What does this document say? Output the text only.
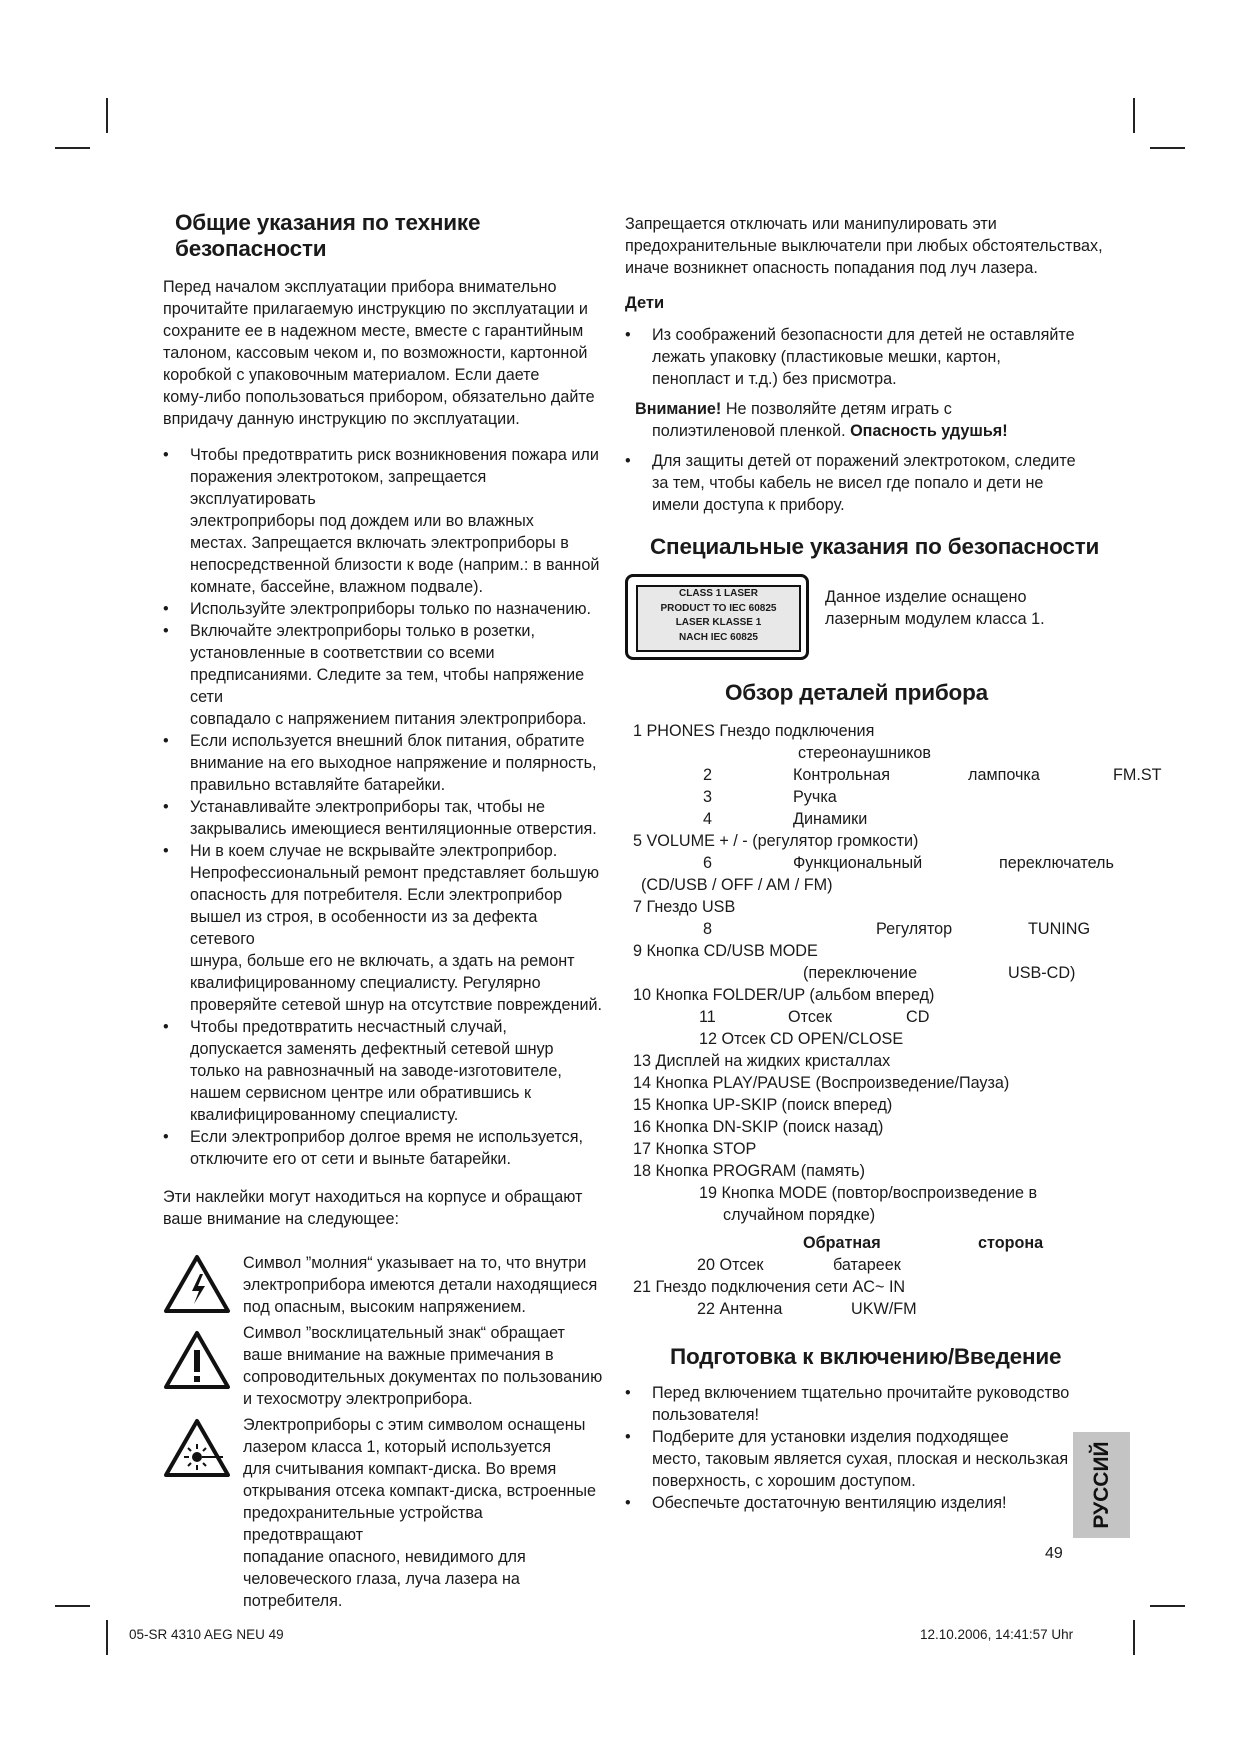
Общие указания по технике безопасности
Перед началом эксплуатации прибора внимательно
прочитайте прилагаемую инструкцию по эксплуатации и
сохраните ее в надежном месте, вместе с гарантийным
талоном, кассовым чеком и, по возможности, картонной
коробкой с упаковочным материалом. Если даете
кому-либо попользоваться прибором, обязательно дайте
впридачу данную инструкцию по эксплуатации.
• Чтобы предотвратить риск возникновения пожара или
поражения электротоком, запрещается эксплуатировать
электроприборы под дождем или во влажных
местах. Запрещается включать электроприборы в
непосредственной близости к воде (наприм.: в ванной
комнате, бассейне, влажном подвале).
• Используйте электроприборы только по назначению.
• Включайте электроприборы только в розетки,
установленные в соответствии со всеми
предписаниями. Следите за тем, чтобы напряжение сети
совпадало с напряжением питания электроприбора.
• Если используется внешний блок питания, обратите
внимание на его выходное напряжение и полярность,
правильно вставляйте батарейки.
• Устанавливайте электроприборы так, чтобы не
закрывались имеющиеся вентиляционные отверстия.
• Ни в коем случае не вскрывайте электроприбор.
Непрофессиональный ремонт представляет большую
опасность для потребителя. Если электроприбор
вышел из строя, в особенности из за дефекта сетевого
шнура, больше его не включать, а здать на ремонт
квалифицированному специалисту. Регулярно
проверяйте сетевой шнур на отсутствие повреждений.
• Чтобы предотвратить несчастный случай,
допускается заменять дефектный сетевой шнур
только на равнозначный на заводе-изготовителе,
нашем сервисном центре или обратившись к
квалифицированному специалисту.
• Если электроприбор долгое время не используется,
отключите его от сети и выньте батарейки.
Эти наклейки могут находиться на корпусе и обращают
ваше внимание на следующее:
Символ ”молния“ указывает на то, что внутри
электроприбора имеются детали находящиеся
под опасным, высоким напряжением.
Символ ”восклицательный знак“ обращает
ваше внимание на важные примечания в
сопроводительных документах по пользованию
и техосмотру электроприбора.
Электроприборы с этим символом оснащены
лазером класса 1, который используется
для считывания компакт-диска. Во время
открывания отсека компакт-диска, встроенные
предохранительные устройства предотвращают
попадание опасного, невидимого для
человеческого глаза, луча лазера на
потребителя.
Запрещается отключать или манипулировать эти
предохранительные выключатели при любых обстоятельствах,
иначе возникнет опасность попадания под луч лазера.
Дети
• Из соображений безопасности для детей не оставляйте
лежать упаковку (пластиковые мешки, картон,
пенопласт и т.д.) без присмотра.
Внимание! Не позволяйте детям играть с
полиэтиленовой пленкой. Опасность удушья!
• Для защиты детей от поражений электротоком, следите
за тем, чтобы кабель не висел где попало и дети не
имели доступа к прибору.
Специальные указания по безопасности
CLASS 1 LASER
PRODUCT TO IEC 60825
LASER KLASSE 1
NACH IEC 60825
Данное изделие оснащено
лазерным модулем класса 1.
Обзор деталей прибора
1 PHONES Гнездо подключения
стереонаушников
2	Контрольная	лампочка	FM.ST
3	Ручка
4	Динамики
5 VOLUME + / - (регулятор громкости)
6	Функциональный	переключатель
(CD/USB / OFF / AM / FM)
7 Гнездо USB
8	Регулятор	TUNING
9 Кнопка CD/USB MODE
(переключение	USB-CD)
10 Кнопка FOLDER/UP (альбом вперед)
11	Отсек	CD
12 Отсек CD OPEN/CLOSE
13 Дисплей на жидких кристаллах
14 Кнопка PLAY/PAUSE (Воспроизведение/Пауза)
15 Кнопка UP-SKIP (поиск вперед)
16 Кнопка DN-SKIP (поиск назад)
17 Кнопка STOP
18 Кнопка PROGRAM (память)
19 Кнопка MODE (повтор/воспроизведение в
случайном порядке)
Обратная	сторона
20 Отсек	батареек
21 Гнездо подключения сети AC~ IN
22 Антенна	UKW/FM
Подготовка к включению/Введение
• Перед включением тщательно прочитайте руководство
пользователя!
• Подберите для установки изделия подходящее
место, таковым является сухая, плоская и нескользкая
поверхность, с хорошим доступом.
• Обеспечьте достаточную вентиляцию изделия!	РУССИЙ
49
05-SR 4310 AEG NEU 49	12.10.2006, 14:41:57 Uhr
